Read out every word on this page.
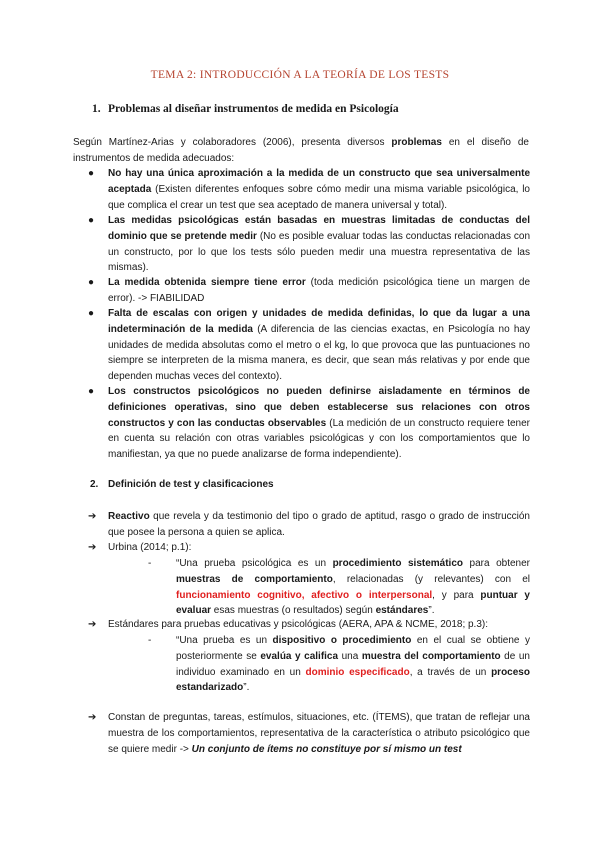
TEMA 2: INTRODUCCIÓN A LA TEORÍA DE LOS TESTS
1. Problemas al diseñar instrumentos de medida en Psicología
Según Martínez-Arias y colaboradores (2006), presenta diversos problemas en el diseño de instrumentos de medida adecuados:
● No hay una única aproximación a la medida de un constructo que sea universalmente aceptada (Existen diferentes enfoques sobre cómo medir una misma variable psicológica, lo que complica el crear un test que sea aceptado de manera universal y total).
● Las medidas psicológicas están basadas en muestras limitadas de conductas del dominio que se pretende medir (No es posible evaluar todas las conductas relacionadas con un constructo, por lo que los tests sólo pueden medir una muestra representativa de las mismas).
● La medida obtenida siempre tiene error (toda medición psicológica tiene un margen de error). -> FIABILIDAD
● Falta de escalas con origen y unidades de medida definidas, lo que da lugar a una indeterminación de la medida (A diferencia de las ciencias exactas, en Psicología no hay unidades de medida absolutas como el metro o el kg, lo que provoca que las puntuaciones no siempre se interpreten de la misma manera, es decir, que sean más relativas y por ende que dependen muchas veces del contexto).
● Los constructos psicológicos no pueden definirse aisladamente en términos de definiciones operativas, sino que deben establecerse sus relaciones con otros constructos y con las conductas observables (La medición de un constructo requiere tener en cuenta su relación con otras variables psicológicas y con los comportamientos que lo manifiestan, ya que no puede analizarse de forma independiente).
2. Definición de test y clasificaciones
➔ Reactivo que revela y da testimonio del tipo o grado de aptitud, rasgo o grado de instrucción que posee la persona a quien se aplica.
➔ Urbina (2014; p.1):
- “Una prueba psicológica es un procedimiento sistemático para obtener muestras de comportamiento, relacionadas (y relevantes) con el funcionamiento cognitivo, afectivo o interpersonal, y para puntuar y evaluar esas muestras (o resultados) según estándares”.
➔ Estándares para pruebas educativas y psicológicas (AERA, APA & NCME, 2018; p.3):
- “Una prueba es un dispositivo o procedimiento en el cual se obtiene y posteriormente se evalúa y califica una muestra del comportamiento de un individuo examinado en un dominio especificado, a través de un proceso estandarizado”.
➔ Constan de preguntas, tareas, estímulos, situaciones, etc. (ÍTEMS), que tratan de reflejar una muestra de los comportamientos, representativa de la característica o atributo psicológico que se quiere medir -> Un conjunto de ítems no constituye por sí mismo un test
